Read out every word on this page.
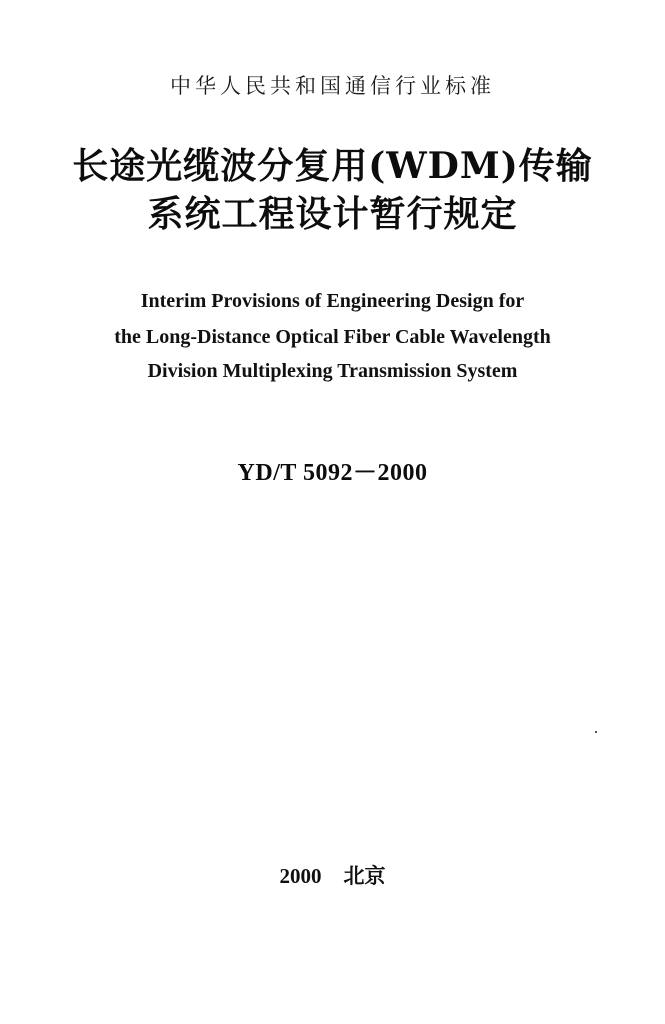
中华人民共和国通信行业标准
长途光缆波分复用(WDM)传输
系统工程设计暂行规定
Interim Provisions of Engineering Design for
the Long-Distance Optical Fiber Cable Wavelength
Division Multiplexing Transmission System
YD/T 5092－2000
2000 北京
